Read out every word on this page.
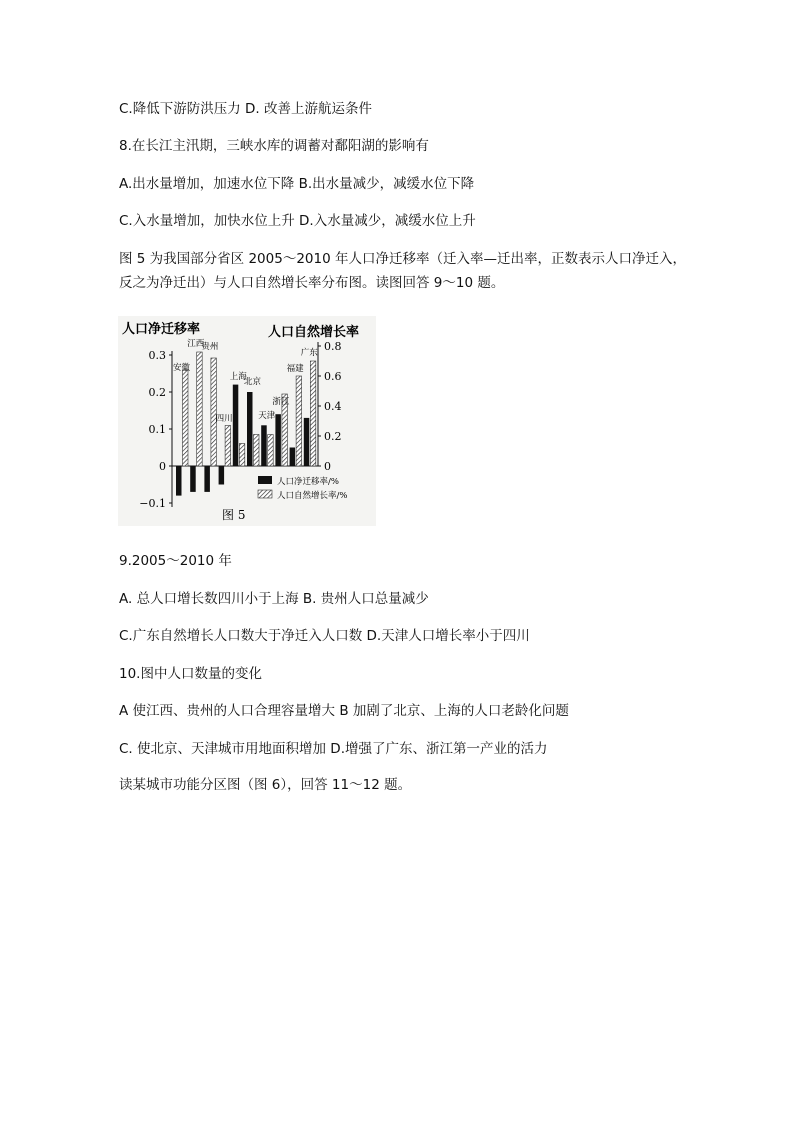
C.降低下游防洪压力 D. 改善上游航运条件
8.在长江主汛期，三峡水库的调蓄对鄱阳湖的影响有
A.出水量增加，加速水位下降 B.出水量减少，减缓水位下降
C.入水量增加，加快水位上升 D.入水量减少，减缓水位上升
图 5 为我国部分省区 2005～2010 年人口净迁移率（迁入率—迁出率，正数表示人口净迁入，
反之为净迁出）与人口自然增长率分布图。读图回答 9～10 题。
人口净迁移率	人口自然增长率
0.3
0.2
0.1
0
−0.1
0.8
0.6
0.4
0.2
0
安徽
江西
贵州
四川
上海
北京
天津
浙江
福建
广东
人口净迁移率/%
人口自然增长率/%
图 5
9.2005～2010 年
A. 总人口增长数四川小于上海 B. 贵州人口总量减少
C.广东自然增长人口数大于净迁入人口数 D.天津人口增长率小于四川
10.图中人口数量的变化
A 使江西、贵州的人口合理容量增大 B 加剧了北京、上海的人口老龄化问题
C. 使北京、天津城市用地面积增加 D.增强了广东、浙江第一产业的活力
读某城市功能分区图（图 6），回答 11～12 题。
